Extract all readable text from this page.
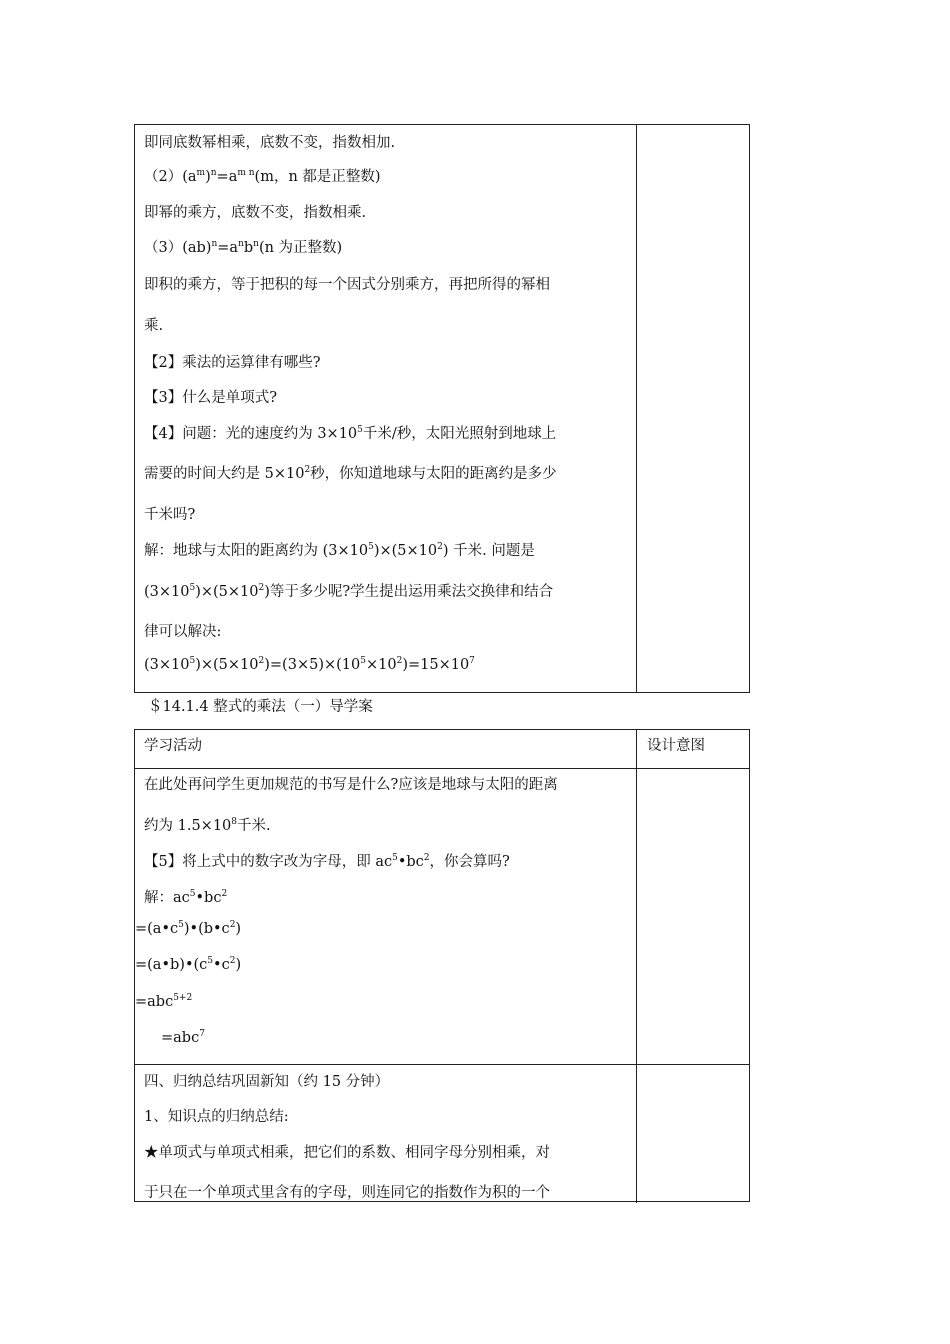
即同底数幂相乘，底数不变，指数相加.
$(2)(a^m)^n=a^{m n}(m$，n 都是正整数)
即幂的乘方，底数不变，指数相乘.
$(3)(ab)^n=a^nb^n(n$ 为正整数)
即积的乘方，等于把积的每一个因式分别乘方，再把所得的幂相
乘.
【2】乘法的运算律有哪些?
【3】什么是单项式?
【4】问题：光的速度约为 $3\times 10^5$千米/秒，太阳光照射到地球上
需要的时间大约是 $5\times 10^2$秒，你知道地球与太阳的距离约是多少
千米吗?
解：地球与太阳的距离约为 $(3\times 10^5)\times(5\times 10^2)$ 千米. 问题是
$(3\times 10^5)\times(5\times 10^2)$等于多少呢?学生提出运用乘法交换律和结合
律可以解决:
$(3\times 10^5)\times(5\times 10^2)=(3\times 5)\times(10^5\times 10^2)=15\times 10^7$
＄14.1.4 整式的乘法（一）导学案
学习活动	设计意图
在此处再问学生更加规范的书写是什么?应该是地球与太阳的距离
约为 $1.5\times 10^8$千米.
【5】将上式中的数字改为字母，即 $ac^5•bc^2$，你会算吗?
解：$ac^5•bc^2$
$=(a•c^5)•(b•c^2)$
$=(a•b)•(c^5•c^2)$
=abc$^{5+2}$
=abc$^7$
四、归纳总结巩固新知（约 15 分钟）
1、知识点的归纳总结:
★单项式与单项式相乘，把它们的系数、相同字母分别相乘，对
于只在一个单项式里含有的字母，则连同它的指数作为积的一个
